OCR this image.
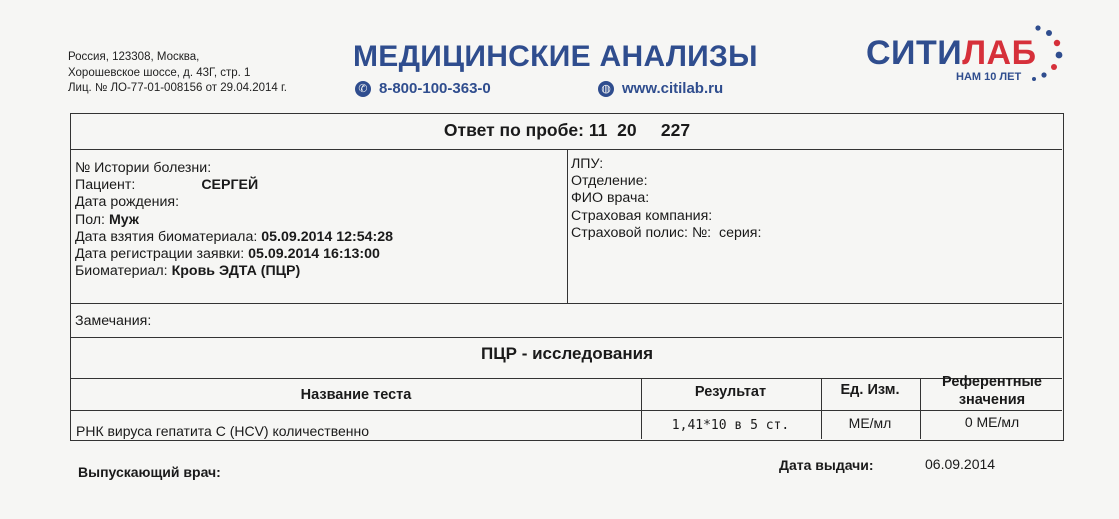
Россия, 123308, Москва,
Хорошевское шоссе, д. 43Г, стр. 1
Лиц. № ЛО-77-01-008156 от 29.04.2014 г.
МЕДИЦИНСКИЕ АНАЛИЗЫ
✆ 8-800-100-363-0	◍ www.citilab.ru
СИТИЛАБ
НАМ 10 ЛЕТ
Ответ по пробе: 11  20     227
№ Истории болезни:
Пациент:	СЕРГЕЙ
Дата рождения:
Пол: Муж
Дата взятия биоматериала: 05.09.2014 12:54:28
Дата регистрации заявки: 05.09.2014 16:13:00
Биоматериал: Кровь ЭДТА (ПЦР)
ЛПУ:
Отделение:
ФИО врача:
Страховая компания:
Страховой полис: №: серия:
Замечания:
ПЦР - исследования
Название теста	Результат	Ед. Изм.	Референтные значения
РНК вируса гепатита С (HCV) количественно	1,41*10 в 5 ст.	МЕ/мл	0 МЕ/мл
Выпускающий врач:	Дата выдачи:	06.09.2014
